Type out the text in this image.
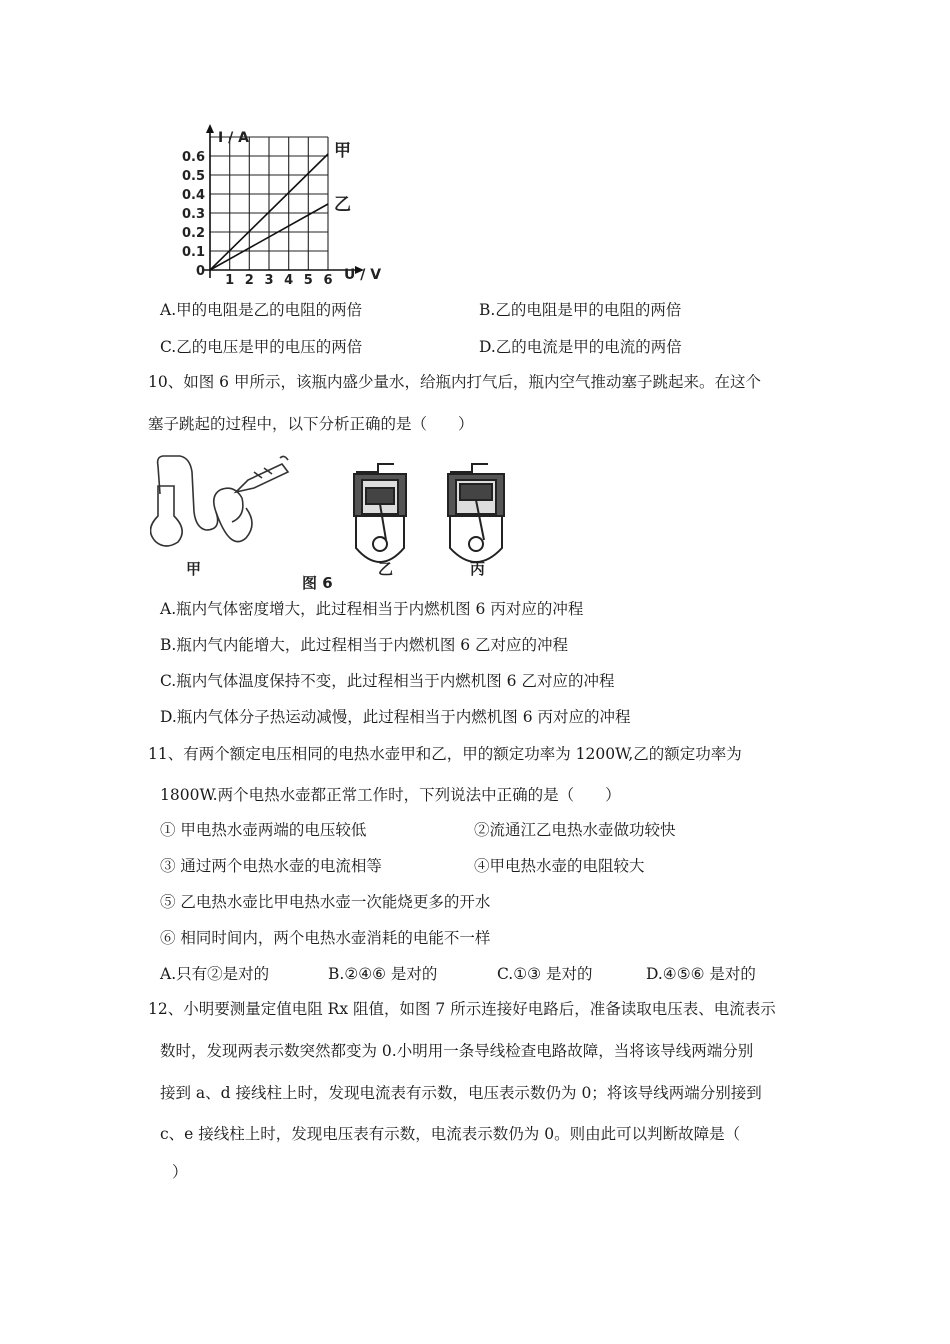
I / A
U / V
0.6
0.5
0.4
0.3
0.2
0.1
0
1 2 3 4 5 6
甲
乙
A.甲的电阻是乙的电阻的两倍	B.乙的电阻是甲的电阻的两倍
C.乙的电压是甲的电压的两倍	D.乙的电流是甲的电流的两倍
10、如图 6 甲所示，该瓶内盛少量水，给瓶内打气后，瓶内空气推动塞子跳起来。在这个
塞子跳起的过程中，以下分析正确的是（　　）
甲
图 6
乙	丙
A.瓶内气体密度增大，此过程相当于内燃机图 6 丙对应的冲程
B.瓶内气内能增大，此过程相当于内燃机图 6 乙对应的冲程
C.瓶内气体温度保持不变，此过程相当于内燃机图 6 乙对应的冲程
D.瓶内气体分子热运动减慢，此过程相当于内燃机图 6 丙对应的冲程
11、有两个额定电压相同的电热水壶甲和乙，甲的额定功率为 1200W,乙的额定功率为
1800W.两个电热水壶都正常工作时，下列说法中正确的是（　　）
① 甲电热水壶两端的电压较低	②流通江乙电热水壶做功较快
③ 通过两个电热水壶的电流相等	④甲电热水壶的电阻较大
⑤ 乙电热水壶比甲电热水壶一次能烧更多的开水
⑥ 相同时间内，两个电热水壶消耗的电能不一样
A.只有②是对的	B.②④⑥ 是对的	C.①③ 是对的	D.④⑤⑥ 是对的
12、小明要测量定值电阻 Rx 阻值，如图 7 所示连接好电路后，准备读取电压表、电流表示
数时，发现两表示数突然都变为 0.小明用一条导线检查电路故障，当将该导线两端分别
接到 a、d 接线柱上时，发现电流表有示数，电压表示数仍为 0；将该导线两端分别接到
c、e 接线柱上时，发现电压表有示数，电流表示数仍为 0。则由此可以判断故障是（
）
